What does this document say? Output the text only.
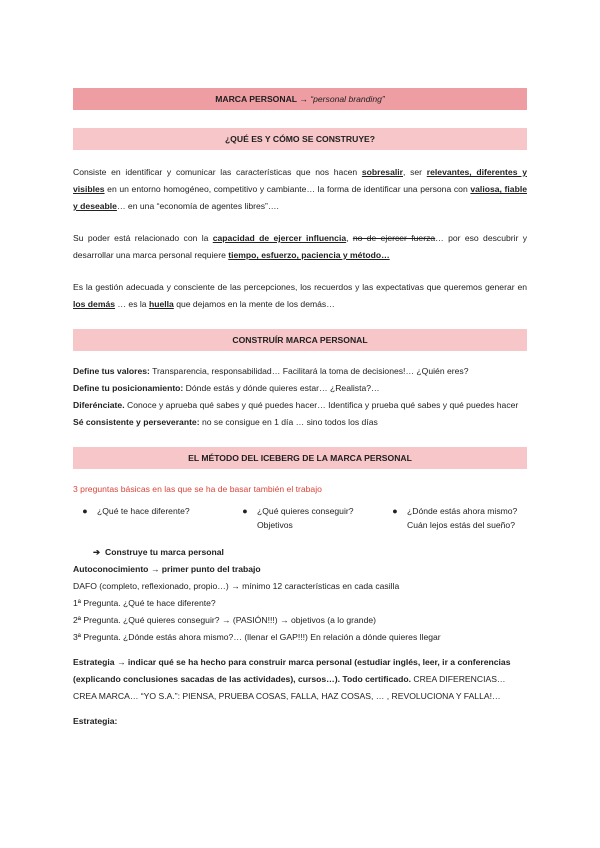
MARCA PERSONAL → “personal branding”
¿QUÉ ES Y CÓMO SE CONSTRUYE?

Consiste en identificar y comunicar las características que nos hacen sobresalir, ser relevantes, diferentes y visibles en un entorno homogéneo, competitivo y cambiante… la forma de identificar una persona con valiosa, fiable y deseable… en una “economía de agentes libres”….

Su poder está relacionado con la capacidad de ejercer influencia, no de ejercer fuerza… por eso descubrir y desarrollar una marca personal requiere tiempo, esfuerzo, paciencia y método…

Es la gestión adecuada y consciente de las percepciones, los recuerdos y las expectativas que queremos generar en los demás … es la huella que dejamos en la mente de los demás…

CONSTRUÍR MARCA PERSONAL

Define tus valores: Transparencia, responsabilidad… Facilitará la toma de decisiones!… ¿Quién eres?

Define tu posicionamiento: Dónde estás y dónde quieres estar… ¿Realista?…

Diferénciate. Conoce y aprueba qué sabes y qué puedes hacer… Identifica y prueba qué sabes y qué puedes hacer

Sé consistente y perseverante: no se consigue en 1 día … sino todos los días

EL MÉTODO DEL ICEBERG DE LA MARCA PERSONAL

3 preguntas básicas en las que se ha de basar también el trabajo

●	¿Qué te hace diferente?	●	¿Qué quieres conseguir? Objetivos
●	¿Dónde estás ahora mismo? Cuán lejos estás del sueño?
➔ Construye tu marca personal

Autoconocimiento → primer punto del trabajo

DAFO (completo, reflexionado, propio…) → mínimo 12 características en cada casilla

1ª Pregunta. ¿Qué te hace diferente?

2ª Pregunta. ¿Qué quieres conseguir? → (PASIÓN!!!) → objetivos (a lo grande)

3ª Pregunta. ¿Dónde estás ahora mismo?… (llenar el GAP!!!) En relación a dónde quieres llegar

Estrategia → indicar qué se ha hecho para construir marca personal (estudiar inglés, leer, ir a conferencias (explicando conclusiones sacadas de las actividades), cursos…). Todo certificado. CREA DIFERENCIAS… CREA MARCA… “YO S.A.”: PIENSA, PRUEBA COSAS, FALLA, HAZ COSAS, … , REVOLUCIONA Y FALLA!…

Estrategia:
